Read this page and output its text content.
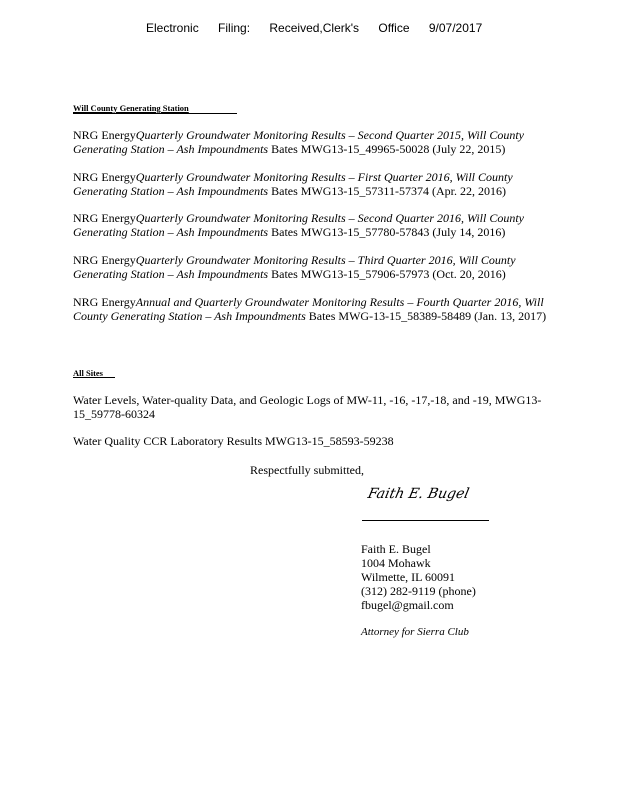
Electronic Filing: Received,Clerk's Office 9/07/2017
Will County Generating Station
NRG EnergyQuarterly Groundwater Monitoring Results – Second Quarter 2015, Will County Generating Station – Ash Impoundments Bates MWG13-15_49965-50028 (July 22, 2015)
NRG EnergyQuarterly Groundwater Monitoring Results – First Quarter 2016, Will County Generating Station – Ash Impoundments Bates MWG13-15_57311-57374 (Apr. 22, 2016)
NRG EnergyQuarterly Groundwater Monitoring Results – Second Quarter 2016, Will County Generating Station – Ash Impoundments Bates MWG13-15_57780-57843 (July 14, 2016)
NRG EnergyQuarterly Groundwater Monitoring Results – Third Quarter 2016, Will County Generating Station – Ash Impoundments Bates MWG13-15_57906-57973 (Oct. 20, 2016)
NRG EnergyAnnual and Quarterly Groundwater Monitoring Results – Fourth Quarter 2016, Will County Generating Station – Ash Impoundments Bates MWG-13-15_58389-58489 (Jan. 13, 2017)
All Sites
Water Levels, Water-quality Data, and Geologic Logs of MW-11, -16, -17,-18, and -19, MWG13-15_59778-60324
Water Quality CCR Laboratory Results MWG13-15_58593-59238
Respectfully submitted,
Faith E. Bugel
Faith E. Bugel
1004 Mohawk
Wilmette, IL 60091
(312) 282-9119 (phone)
fbugel@gmail.com
Attorney for Sierra Club
